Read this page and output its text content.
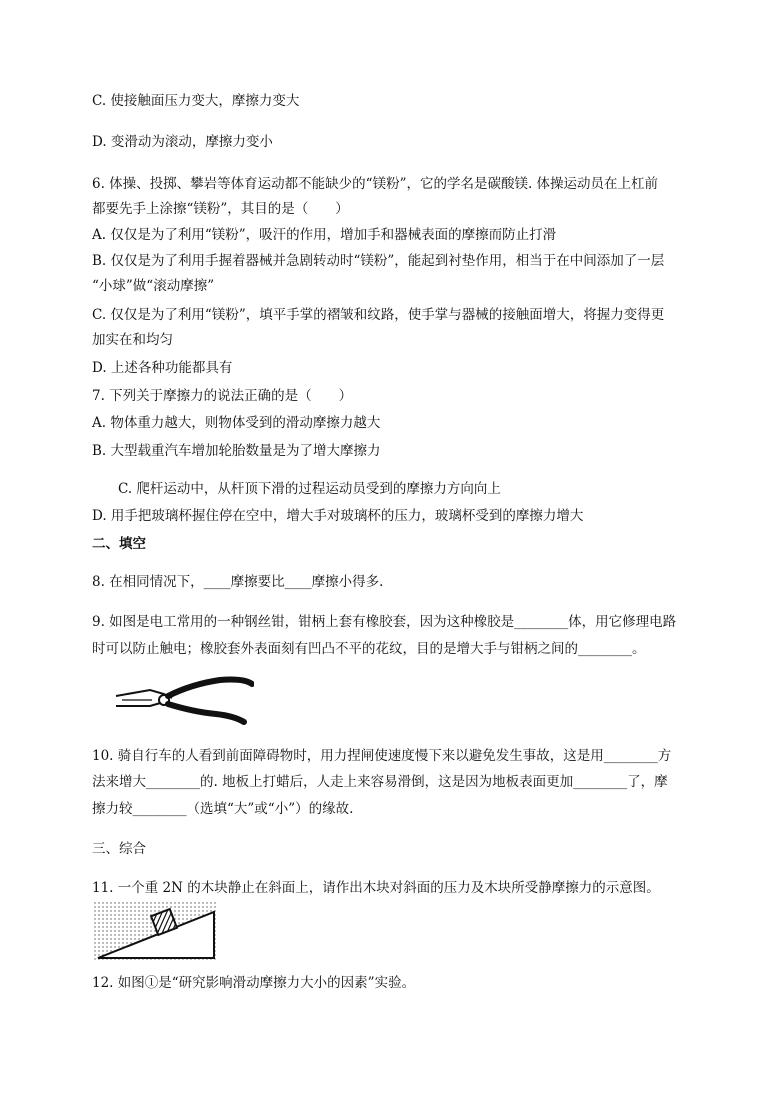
C. 使接触面压力变大，摩擦力变大
D. 变滑动为滚动，摩擦力变小
6. 体操、投掷、攀岩等体育运动都不能缺少的“镁粉”，它的学名是碳酸镁. 体操运动员在上杠前
都要先手上涂擦“镁粉”，其目的是（　　）
A. 仅仅是为了利用“镁粉”，吸汗的作用，增加手和器械表面的摩擦而防止打滑
B. 仅仅是为了利用手握着器械并急剧转动时“镁粉”，能起到衬垫作用，相当于在中间添加了一层
“小球”做“滚动摩擦”
C. 仅仅是为了利用“镁粉”，填平手掌的褶皱和纹路，使手掌与器械的接触面增大，将握力变得更
加实在和均匀
D. 上述各种功能都具有
7. 下列关于摩擦力的说法正确的是（　　）
A. 物体重力越大，则物体受到的滑动摩擦力越大
B. 大型载重汽车增加轮胎数量是为了增大摩擦力
C. 爬杆运动中，从杆顶下滑的过程运动员受到的摩擦力方向向上
D. 用手把玻璃杯握住停在空中，增大手对玻璃杯的压力，玻璃杯受到的摩擦力增大
二、填空
8. 在相同情况下，____摩擦要比____摩擦小得多.
9. 如图是电工常用的一种钢丝钳，钳柄上套有橡胶套，因为这种橡胶是________体，用它修理电路
时可以防止触电；橡胶套外表面刻有凹凸不平的花纹，目的是增大手与钳柄之间的________。
10. 骑自行车的人看到前面障碍物时，用力捏闸使速度慢下来以避免发生事故，这是用________方
法来增大________的. 地板上打蜡后，人走上来容易滑倒，这是因为地板表面更加________了，摩
擦力较________（选填“大”或“小”）的缘故.
三、综合
11. 一个重 2N 的木块静止在斜面上，请作出木块对斜面的压力及木块所受静摩擦力的示意图。
12. 如图①是“研究影响滑动摩擦力大小的因素”实验。
